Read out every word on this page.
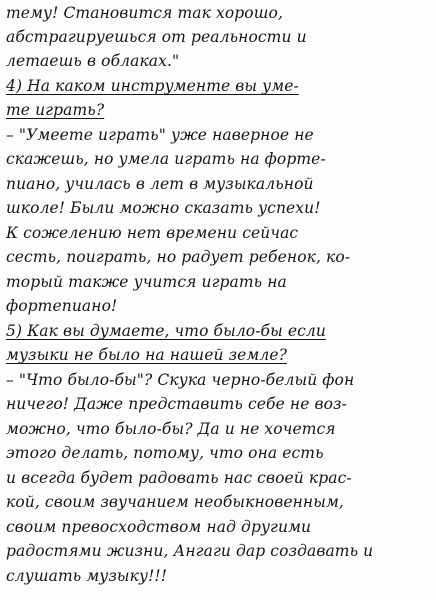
тему! Становится так хорошо,
абстрагируешься от реальности и
летаешь в облаках."
4) На каком инструменте вы уме-
те играть?
– "Умеете играть" уже наверное не
скажешь, но умела играть на форте-
пиано, училась в лет в музыкальной
школе! Были можно сказать успехи!
К сожелению нет времени сейчас
сесть, поиграть, но радует ребенок, ко-
торый также учится играть на
фортепиано!
5) Как вы думаете, что было-бы если
музыки не было на нашей земле?
– "Что было-бы"? Скука черно-белый фон
ничего! Даже представить себе не воз-
можно, что было-бы? Да и не хочется
этого делать, потому, что она есть
и всегда будет радовать нас своей крас-
кой, своим звучанием необыкновенным,
своим превосходством над другими
радостями жизни, Ангаги дар создавать и
слушать музыку!!!
